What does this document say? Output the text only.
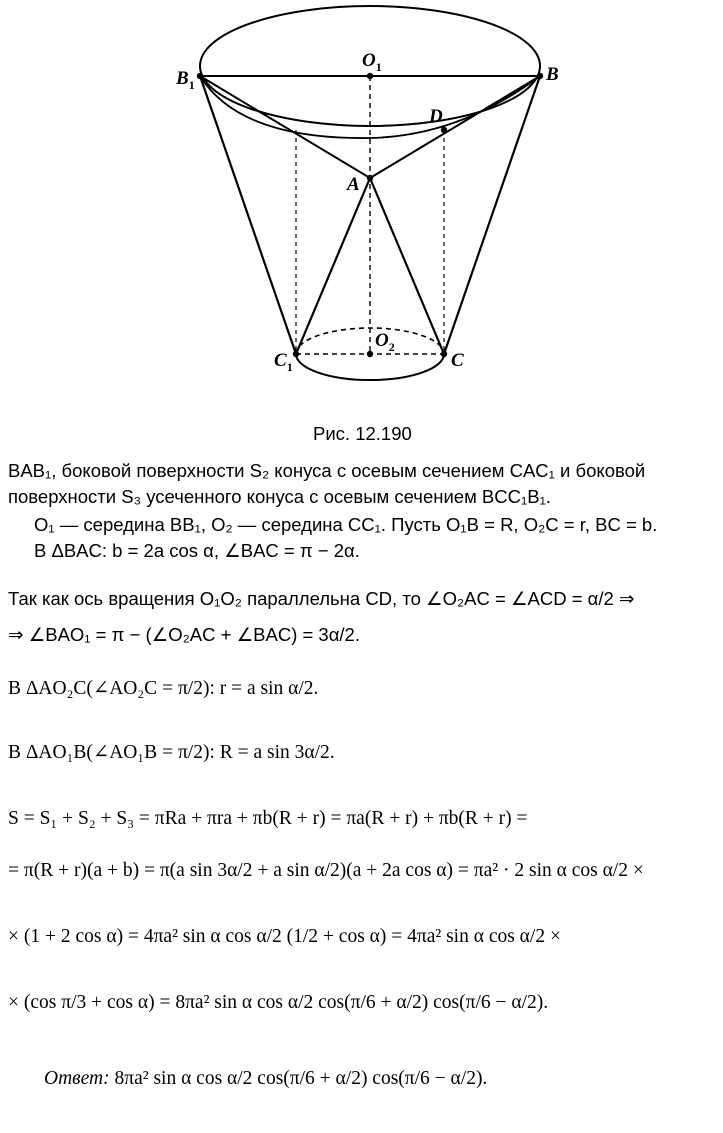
$B_1$
$O_1$	B
D
A
$O_2$
$C_1$	C
Рис. 12.190
BAB₁, боковой поверхности S₂ конуса с осевым сечением CAC₁ и боковой
поверхности S₃ усеченного конуса с осевым сечением BCC₁B₁.
O₁ — середина BB₁, O₂ — середина CC₁. Пусть O₁B = R, O₂C = r, BC = b.
В ΔBAC: b = 2a cos α, ∠BAC = π − 2α.
Так как ось вращения O₁O₂ параллельна CD, то ∠O₂AC = ∠ACD = α/2 ⇒
⇒ ∠BAO₁ = π − (∠O₂AC + ∠BAC) = 3α/2.
В ΔAO₂C(∠AO₂C = π/2): r = a sin α/2.
В ΔAO₁B(∠AO₁B = π/2): R = a sin 3α/2.
S = S₁ + S₂ + S₃ = πRa + πra + πb(R + r) = πa(R + r) + πb(R + r) =
= π(R + r)(a + b) = π(a sin 3α/2 + a sin α/2)(a + 2a cos α) = πa² · 2 sin α cos α/2 ×
× (1 + 2 cos α) = 4πa² sin α cos α/2 (1/2 + cos α) = 4πa² sin α cos α/2 ×
× (cos π/3 + cos α) = 8πa² sin α cos α/2 cos(π/6 + α/2) cos(π/6 − α/2).
Ответ: 8πa² sin α cos α/2 cos(π/6 + α/2) cos(π/6 − α/2).
